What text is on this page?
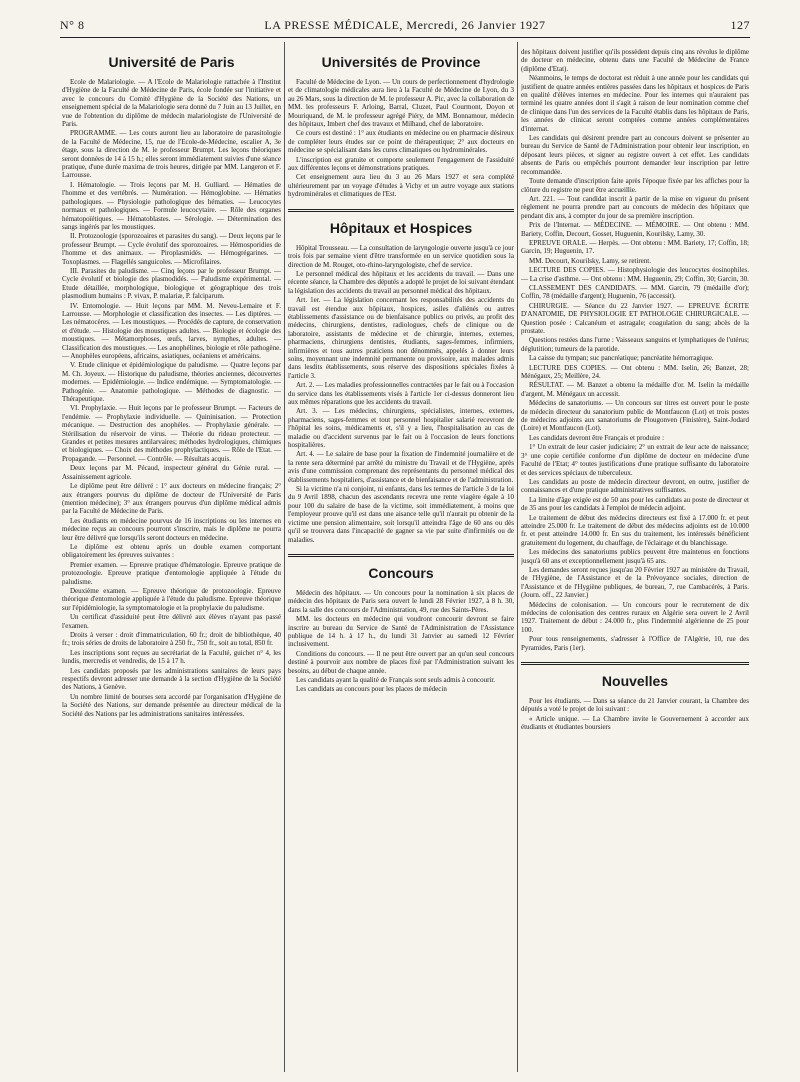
N° 8	LA PRESSE MÉDICALE, Mercredi, 26 Janvier 1927	127
Université de Paris

Ecole de Malariologie. — A l'Ecole de Malariologie rattachée à l'Institut d'Hygiène de la Faculté de Médecine de Paris, école fondée sur l'initiative et avec le concours du Comité d'Hygiène de la Société des Nations, un enseignement spécial de la Malariologie sera donné du 7 Juin au 13 Juillet, en vue de l'obtention du diplôme de médecin malariologiste de l'Université de Paris.

PROGRAMME. — Les cours auront lieu au laboratoire de parasitologie de la Faculté de Médecine, 15, rue de l'Ecole-de-Médecine, escalier A, 3e étage, sous la direction de M. le professeur Brumpt. Les leçons théoriques seront données de 14 à 15 h.; elles seront immédiatement suivies d'une séance pratique, d'une durée maxima de trois heures, dirigée par MM. Langeron et F. Larrousse.

I. Hématologie. — Trois leçons par M. H. Gulliard. — Hématies de l'homme et des vertébrés. — Numération. — Hémoglobine. — Hématies pathologiques. — Physiologie pathologique des hématies. — Leucocytes normaux et pathologiques. — Formule leucocytaire. — Rôle des organes hématopoïétiques. — Hématoblastes. — Sérologie. — Détermination des sangs ingérés par les moustiques.

II. Protozoologie (sporozoaires et parasites du sang). — Deux leçons par le professeur Brumpt. — Cycle évolutif des sporozoaires. — Hémosporidies de l'homme et des animaux. — Piroplasmidés. — Hémogrégarines. — Toxoplasmes. — Flagellés sanguicoles. — Microfilaires.

III. Parasites du paludisme. — Cinq leçons par le professeur Brumpt. — Cycle évolutif et biologie des plasmodidés. — Paludisme expérimental. — Etude détaillée, morphologique, biologique et géographique des trois plasmodium humains : P. vivax, P. malariæ, P. falciparum.

IV. Entomologie. — Huit leçons par MM. M. Neveu-Lemaire et F. Larrousse. — Morphologie et classification des insectes. — Les diptères. — Les nématocères. — Les moustiques. — Procédés de capture, de conservation et d'étude. — Histologie des moustiques adultes. — Biologie et écologie des moustiques. — Métamorphoses, œufs, larves, nymphes, adultes. — Classification des moustiques. — Les anophélines, biologie et rôle pathogène. — Anophèles européens, africains, asiatiques, océaniens et américains.

V. Etude clinique et épidémiologique du paludisme. — Quatre leçons par M. Ch. Joyeux. — Historique du paludisme, théories anciennes, découvertes modernes. — Epidémiologie. — Indice endémique. — Symptomatologie. — Pathogénie. — Anatomie pathologique. — Méthodes de diagnostic. — Thérapeutique.

VI. Prophylaxie. — Huit leçons par le professeur Brumpt. — Facteurs de l'endémie. — Prophylaxie individuelle. — Quininisation. — Protection mécanique. — Destruction des anophèles. — Prophylaxie générale. — Stérilisation du réservoir de virus. — Théorie du rideau protecteur. — Grandes et petites mesures antilarvaires; méthodes hydrologiques, chimiques et biologiques. — Choix des méthodes prophylactiques. — Rôle de l'Etat. — Propagande. — Personnel. — Contrôle. — Résultats acquis.

Deux leçons par M. Pécaud, inspecteur général du Génie rural. — Assainissement agricole.

Le diplôme peut être délivré : 1° aux docteurs en médecine français; 2° aux étrangers pourvus du diplôme de docteur de l'Université de Paris (mention médecine); 3° aux étrangers pourvus d'un diplôme médical admis par la Faculté de Médecine de Paris.

Les étudiants en médecine pourvus de 16 inscriptions ou les internes en médecine reçus au concours pourront s'inscrire, mais le diplôme ne pourra leur être délivré que lorsqu'ils seront docteurs en médecine.

Le diplôme est obtenu après un double examen comportant obligatoirement les épreuves suivantes :

Premier examen. — Epreuve pratique d'hématologie. Epreuve pratique de protozoologie. Epreuve pratique d'entomologie appliquée à l'étude du paludisme.

Deuxième examen. — Epreuve théorique de protozoologie. Epreuve théorique d'entomologie appliquée à l'étude du paludisme. Epreuve théorique sur l'épidémiologie, la symptomatologie et la prophylaxie du paludisme.

Un certificat d'assiduité peut être délivré aux élèves n'ayant pas passé l'examen.

Droits à verser : droit d'immatriculation, 60 fr.; droit de bibliothèque, 40 fr.; trois séries de droits de laboratoire à 250 fr., 750 fr., soit au total, 850 fr.

Les inscriptions sont reçues au secrétariat de la Faculté, guichet n° 4, les lundis, mercredis et vendredis, de 15 à 17 h.

Les candidats proposés par les administrations sanitaires de leurs pays respectifs devront adresser une demande à la section d'Hygiène de la Société des Nations, à Genève.

Un nombre limité de bourses sera accordé par l'organisation d'Hygiène de la Société des Nations, sur demande présentée au directeur médical de la Société des Nations par les administrations sanitaires intéressées.

Universités de Province

Faculté de Médecine de Lyon. — Un cours de perfectionnement d'hydrologie et de climatologie médicales aura lieu à la Faculté de Médecine de Lyon, du 3 au 26 Mars, sous la direction de M. le professeur A. Pic, avec la collaboration de MM. les professeurs F. Arloing, Barral, Cluzet, Paul Courmont, Doyon et Mouriquand, de M. le professeur agrégé Piéry, de MM. Bonnamour, médecin des hôpitaux, Imbert chef des travaux et Milhaud, chef de laboratoire.

Ce cours est destiné : 1° aux étudiants en médecine ou en pharmacie désireux de compléter leurs études sur ce point de thérapeutique; 2° aux docteurs en médecine se spécialisant dans les cures climatiques ou hydrominérales.

L'inscription est gratuite et comporte seulement l'engagement de l'assiduité aux différentes leçons et démonstrations pratiques.

Cet enseignement aura lieu du 3 au 26 Mars 1927 et sera complété ultérieurement par un voyage d'études à Vichy et un autre voyage aux stations hydrominérales et climatiques de l'Est.

Hôpitaux et Hospices

Hôpital Trousseau. — La consultation de laryngologie ouverte jusqu'à ce jour trois fois par semaine vient d'être transformée en un service quotidien sous la direction de M. Rouget, oto-rhino-laryngologiste, chef de service.

Le personnel médical des hôpitaux et les accidents du travail. — Dans une récente séance, la Chambre des députés a adopté le projet de loi suivant étendant la législation des accidents du travail au personnel médical des hôpitaux.

Art. 1er. — La législation concernant les responsabilités des accidents du travail est étendue aux hôpitaux, hospices, asiles d'aliénés ou autres établissements d'assistance ou de bienfaisance publics ou privés, au profit des médecins, chirurgiens, dentistes, radiologues, chefs de clinique ou de laboratoire, assistants de médecine et de chirurgie, internes, externes, pharmaciens, chirurgiens dentistes, étudiants, sages-femmes, infirmiers, infirmières et tous autres praticiens non dénommés, appelés à donner leurs soins, moyennant une indemnité permanente ou provisoire, aux malades admis dans lesdits établissements, sous réserve des dispositions spéciales fixées à l'article 3.

Art. 2. — Les maladies professionnelles contractées par le fait ou à l'occasion du service dans les établissements visés à l'article 1er ci-dessus donneront lieu aux mêmes réparations que les accidents du travail.

Art. 3. — Les médecins, chirurgiens, spécialistes, internes, externes, pharmaciens, sages-femmes et tout personnel hospitalier salarié recevront de l'hôpital les soins, médicaments et, s'il y a lieu, l'hospitalisation au cas de maladie ou d'accident survenus par le fait ou à l'occasion de leurs fonctions hospitalières.

Art. 4. — Le salaire de base pour la fixation de l'indemnité journalière et de la rente sera déterminé par arrêté du ministre du Travail et de l'Hygiène, après avis d'une commission comprenant des représentants du personnel médical des établissements hospitaliers, d'assistance et de bienfaisance et de l'administration.

Si la victime n'a ni conjoint, ni enfants, dans les termes de l'article 3 de la loi du 9 Avril 1898, chacun des ascendants recevra une rente viagère égale à 10 pour 100 du salaire de base de la victime, soit immédiatement, à moins que l'employeur prouve qu'il est dans une aisance telle qu'il n'aurait pu obtenir de la victime une pension alimentaire, soit lorsqu'il atteindra l'âge de 60 ans ou dès qu'il se trouvera dans l'incapacité de gagner sa vie par suite d'infirmités ou de maladies.

Concours

Médecin des hôpitaux. — Un concours pour la nomination à six places de médecin des hôpitaux de Paris sera ouvert le lundi 28 Février 1927, à 8 h. 30, dans la salle des concours de l'Administration, 49, rue des Saints-Pères.

MM. les docteurs en médecine qui voudront concourir devront se faire inscrire au bureau du Service de Santé de l'Administration de l'Assistance publique de 14 h. à 17 h., du lundi 31 Janvier au samedi 12 Février inclusivement.

Conditions du concours. — Il ne peut être ouvert par an qu'un seul concours destiné à pourvoir aux nombre de places fixé par l'Administration suivant les besoins, au début de chaque année.

Les candidats ayant la qualité de Français sont seuls admis à concourir.

Les candidats au concours pour les places de médecin

des hôpitaux doivent justifier qu'ils possèdent depuis cinq ans révolus le diplôme de docteur en médecine, obtenu dans une Faculté de Médecine de France (diplôme d'Etat).

Néanmoins, le temps de doctorat est réduit à une année pour les candidats qui justifient de quatre années entières passées dans les hôpitaux et hospices de Paris en qualité d'élèves internes en médecine. Pour les internes qui n'auraient pas terminé les quatre années dont il s'agit à raison de leur nomination comme chef de clinique dans l'un des services de la Faculté établis dans les hôpitaux de Paris, les années de clinicat seront comptées comme années complémentaires d'internat.

Les candidats qui désirent prendre part au concours doivent se présenter au bureau du Service de Santé de l'Administration pour obtenir leur inscription, en déposant leurs pièces, et signer au registre ouvert à cet effet. Les candidats absents de Paris ou empêchés pourront demander leur inscription par lettre recommandée.

Toute demande d'inscription faite après l'époque fixée par les affiches pour la clôture du registre ne peut être accueillie.

Art. 221. — Tout candidat inscrit à partir de la mise en vigueur du présent règlement ne pourra prendre part au concours de médecin des hôpitaux que pendant dix ans, à compter du jour de sa première inscription.

Prix de l'Internat. — MÉDECINE. — MÉMOIRE. — Ont obtenu : MM. Bariety, Coffin, Decourt, Gosset, Huguenin, Kourilsky, Lamy, 30.

EPREUVE ORALE. — Herpès. — Ont obtenu : MM. Bariety, 17; Coffin, 18; Garcin, 19; Huguenin, 17.

MM. Decourt, Kourilsky, Lamy, se retirent.

LECTURE DES COPIES. — Histophysiologie des leucocytes éosinophiles. — La crise d'asthme. — Ont obtenu : MM. Huguenin, 29; Coffin, 30; Garcin, 30.

CLASSEMENT DES CANDIDATS. — MM. Garcin, 79 (médaille d'or); Coffin, 78 (médaille d'argent); Huguenin, 76 (accessit).

CHIRURGIE. — Séance du 22 Janvier 1927. — EPREUVE ÉCRITE D'ANATOMIE, DE PHYSIOLOGIE ET PATHOLOGIE CHIRURGICALE. — Question posée : Calcanéum et astragale; coagulation du sang; abcès de la prostate.

Questions restées dans l'urne : Vaisseaux sanguins et lymphatiques de l'utérus; déglutition; tumeurs de la parotide.

La caisse du tympan; suc pancréatique; pancréatite hémorragique.

LECTURE DES COPIES. — Ont obtenu : MM. Iselin, 26; Banzet, 28; Ménégaux, 25; Meillère, 24.

RÉSULTAT. — M. Banzet a obtenu la médaille d'or. M. Iselin la médaille d'argent, M. Ménégaux un accessit.

Médecins de sanatoriums. — Un concours sur titres est ouvert pour le poste de médecin directeur du sanatorium public de Montfaucon (Lot) et trois postes de médecins adjoints aux sanatoriums de Plougonven (Finistère), Saint-Jodard (Loire) et Montfaucon (Lot).

Les candidats devront être Français et produire :

1° Un extrait de leur casier judiciaire; 2° un extrait de leur acte de naissance; 3° une copie certifiée conforme d'un diplôme de docteur en médecine d'une Faculté de l'Etat; 4° toutes justifications d'une pratique suffisante du laboratoire et des services spéciaux de tuberculeux.

Les candidats au poste de médecin directeur devront, en outre, justifier de connaissances et d'une pratique administratives suffisantes.

La limite d'âge exigée est de 50 ans pour les candidats au poste de directeur et de 35 ans pour les candidats à l'emploi de médecin adjoint.

Le traitement de début des médecins directeurs est fixé à 17.000 fr. et peut atteindre 25.000 fr. Le traitement de début des médecins adjoints est de 10.000 fr. et peut atteindre 14.000 fr. En sus du traitement, les intéressés bénéficient gratuitement du logement, du chauffage, de l'éclairage et du blanchissage.

Les médecins des sanatoriums publics peuvent être maintenus en fonctions jusqu'à 60 ans et exceptionnellement jusqu'à 65 ans.

Les demandes seront reçues jusqu'au 20 Février 1927 au ministère du Travail, de l'Hygiène, de l'Assistance et de la Prévoyance sociales, direction de l'Assistance et de l'Hygiène publiques, 4e bureau, 7, rue Cambacérès, à Paris. (Journ. off., 22 Janvier.)

Médecins de colonisation. — Un concours pour le recrutement de dix médecins de colonisation des centres ruraux en Algérie sera ouvert le 2 Avril 1927. Traitement de début : 24.000 fr., plus l'indemnité algérienne de 25 pour 100.

Pour tous renseignements, s'adresser à l'Office de l'Algérie, 10, rue des Pyramides, Paris (1er).

Nouvelles

Pour les étudiants. — Dans sa séance du 21 Janvier courant, la Chambre des députés a voté le projet de loi suivant :

« Article unique. — La Chambre invite le Gouvernement à accorder aux étudiants et étudiantes boursiers
